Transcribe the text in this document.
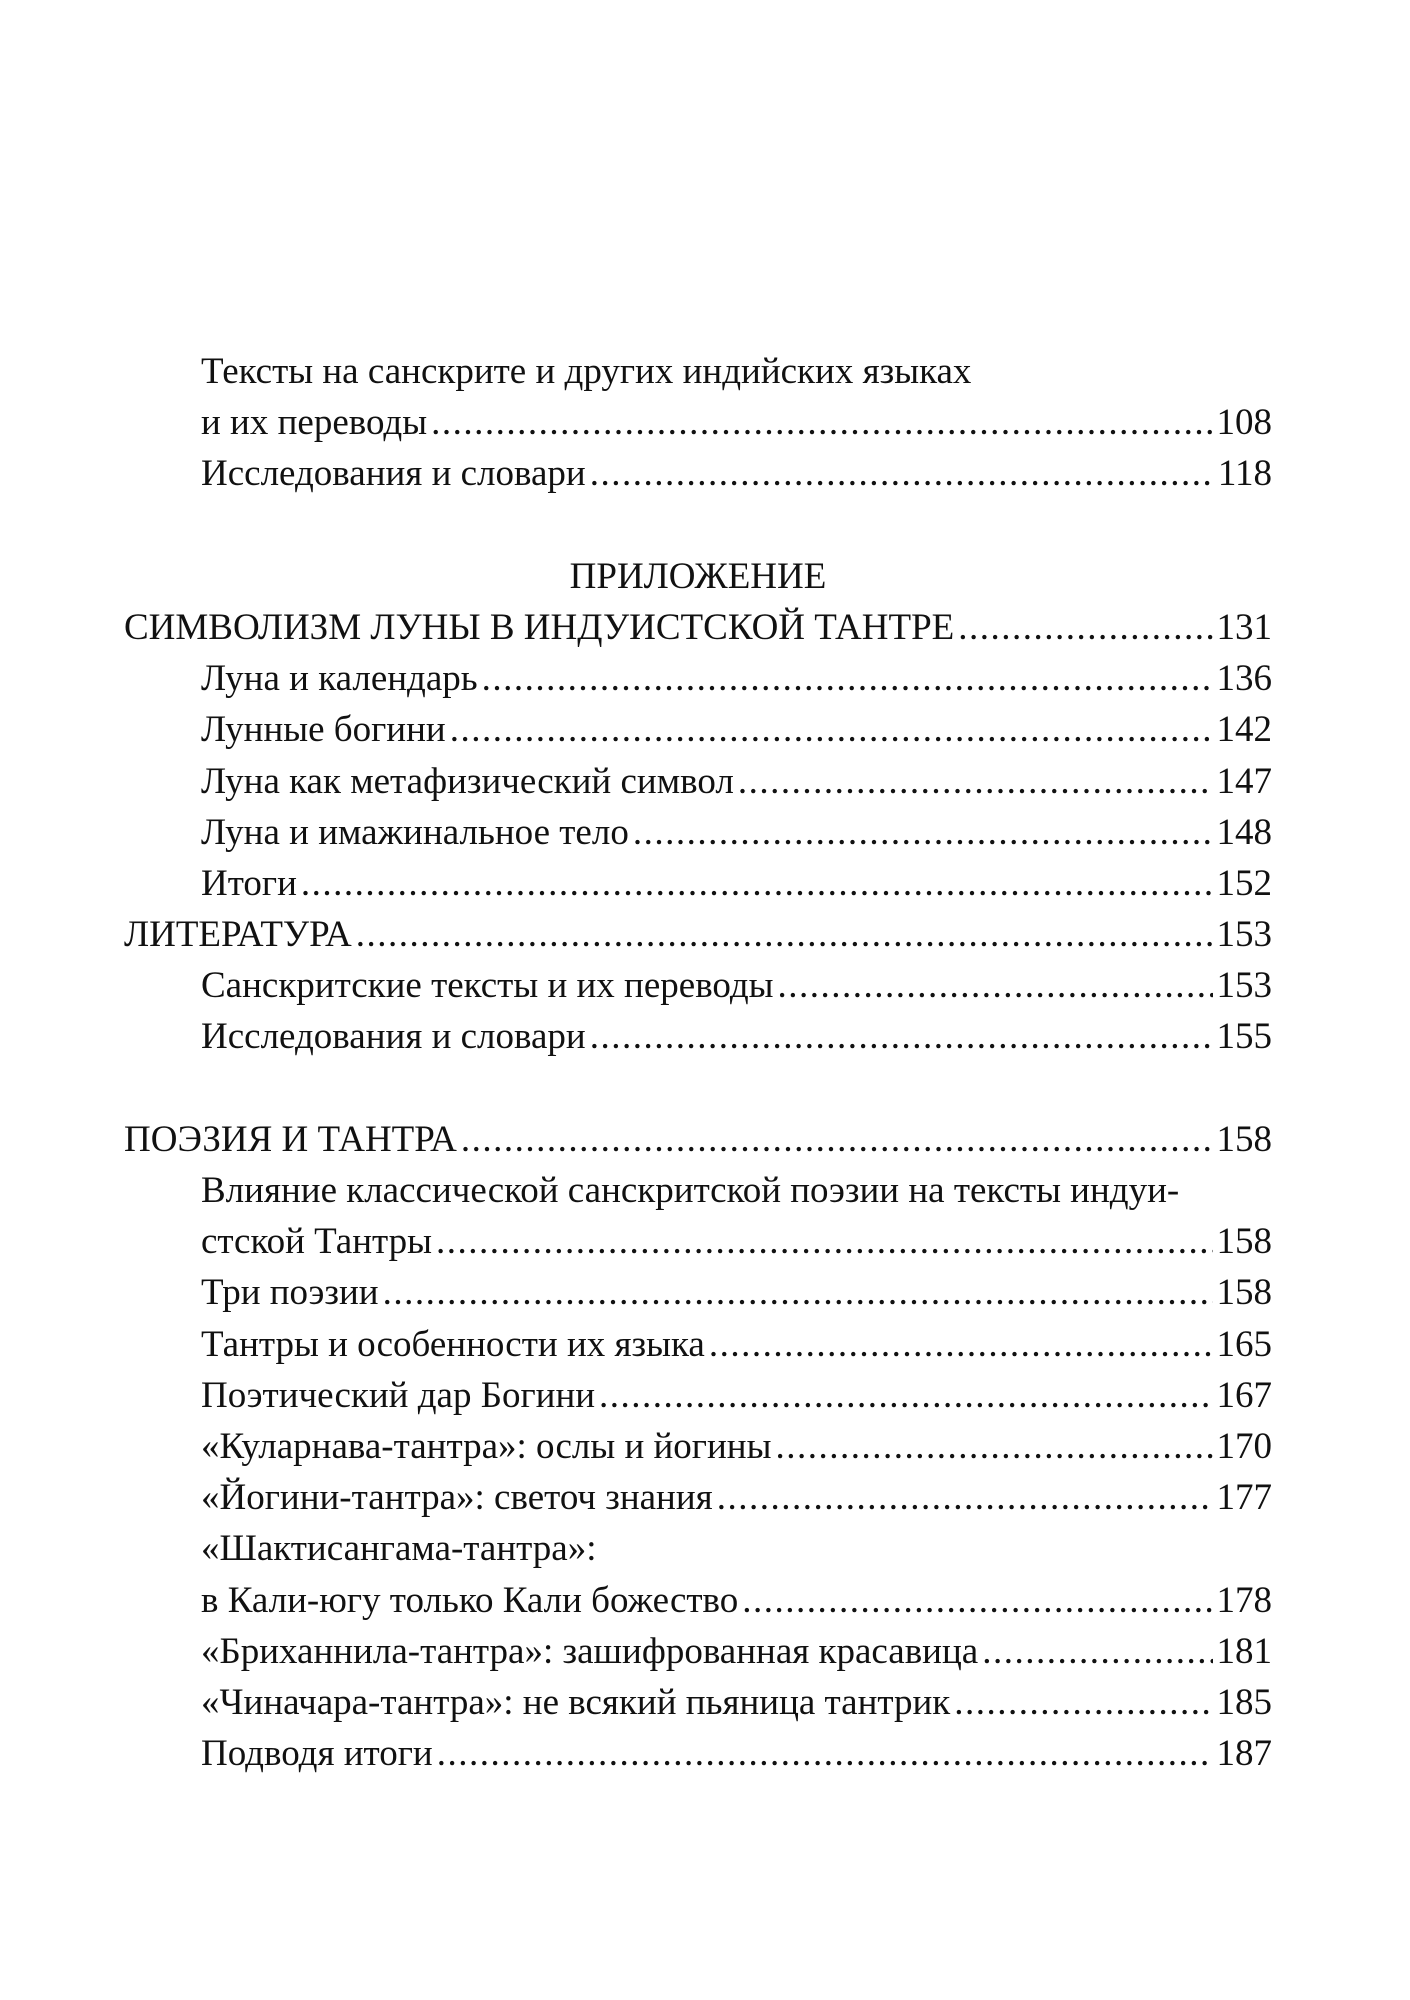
Тексты на санскрите и других индийских языках
и их переводы .....	108
Исследования и словари .....	118
ПРИЛОЖЕНИЕ
СИМВОЛИЗМ ЛУНЫ В ИНДУИСТСКОЙ ТАНТРЕ .....	131
Луна и календарь .....	136
Лунные богини .....	142
Луна как метафизический символ .....	147
Луна и имажинальное тело .....	148
Итоги .....	152
ЛИТЕРАТУРА .....	153
Санскритские тексты и их переводы .....	153
Исследования и словари .....	155
ПОЭЗИЯ И ТАНТРА .....	158
Влияние классической санскритской поэзии на тексты индуи-
стской Тантры .....	158
Три поэзии .....	158
Тантры и особенности их языка .....	165
Поэтический дар Богини .....	167
«Куларнава-тантра»: ослы и йогины .....	170
«Йогини-тантра»: светоч знания .....	177
«Шактисангама-тантра»:
в Кали-югу только Кали божество .....	178
«Бриханнила-тантра»: зашифрованная красавица .....	181
«Чиначара-тантра»: не всякий пьяница тантрик .....	185
Подводя итоги .....	187
